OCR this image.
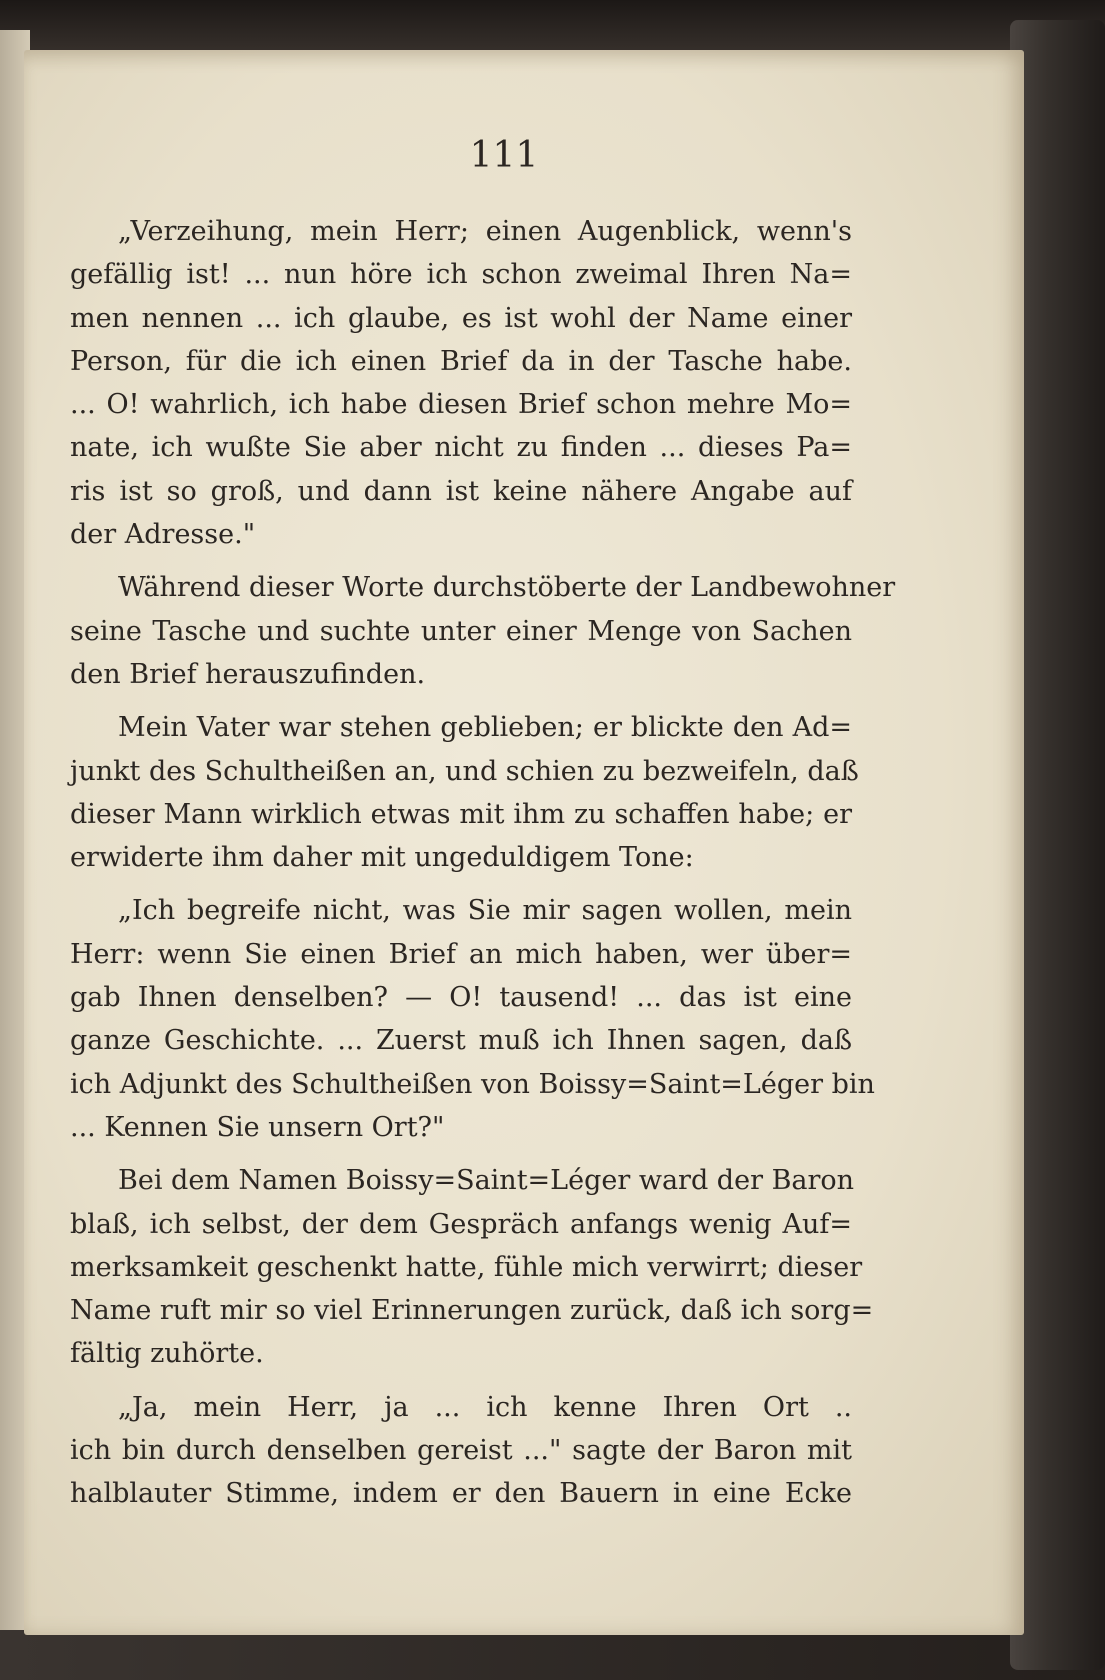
111
„Verzeihung, mein Herr; einen Augenblick, wenn's
gefällig ist! ... nun höre ich schon zweimal Ihren Na=
men nennen ... ich glaube, es ist wohl der Name einer
Person, für die ich einen Brief da in der Tasche habe.
... O! wahrlich, ich habe diesen Brief schon mehre Mo=
nate, ich wußte Sie aber nicht zu finden ... dieses Pa=
ris ist so groß, und dann ist keine nähere Angabe auf
der Adresse."
Während dieser Worte durchstöberte der Landbewohner
seine Tasche und suchte unter einer Menge von Sachen
den Brief herauszufinden.
Mein Vater war stehen geblieben; er blickte den Ad=
junkt des Schultheißen an, und schien zu bezweifeln, daß
dieser Mann wirklich etwas mit ihm zu schaffen habe; er
erwiderte ihm daher mit ungeduldigem Tone:
„Ich begreife nicht, was Sie mir sagen wollen, mein
Herr: wenn Sie einen Brief an mich haben, wer über=
gab Ihnen denselben? — O! tausend! ... das ist eine
ganze Geschichte. ... Zuerst muß ich Ihnen sagen, daß
ich Adjunkt des Schultheißen von Boissy=Saint=Léger bin
... Kennen Sie unsern Ort?"
Bei dem Namen Boissy=Saint=Léger ward der Baron
blaß, ich selbst, der dem Gespräch anfangs wenig Auf=
merksamkeit geschenkt hatte, fühle mich verwirrt; dieser
Name ruft mir so viel Erinnerungen zurück, daß ich sorg=
fältig zuhörte.
„Ja, mein Herr, ja ... ich kenne Ihren Ort ..
ich bin durch denselben gereist ..." sagte der Baron mit
halblauter Stimme, indem er den Bauern in eine Ecke
